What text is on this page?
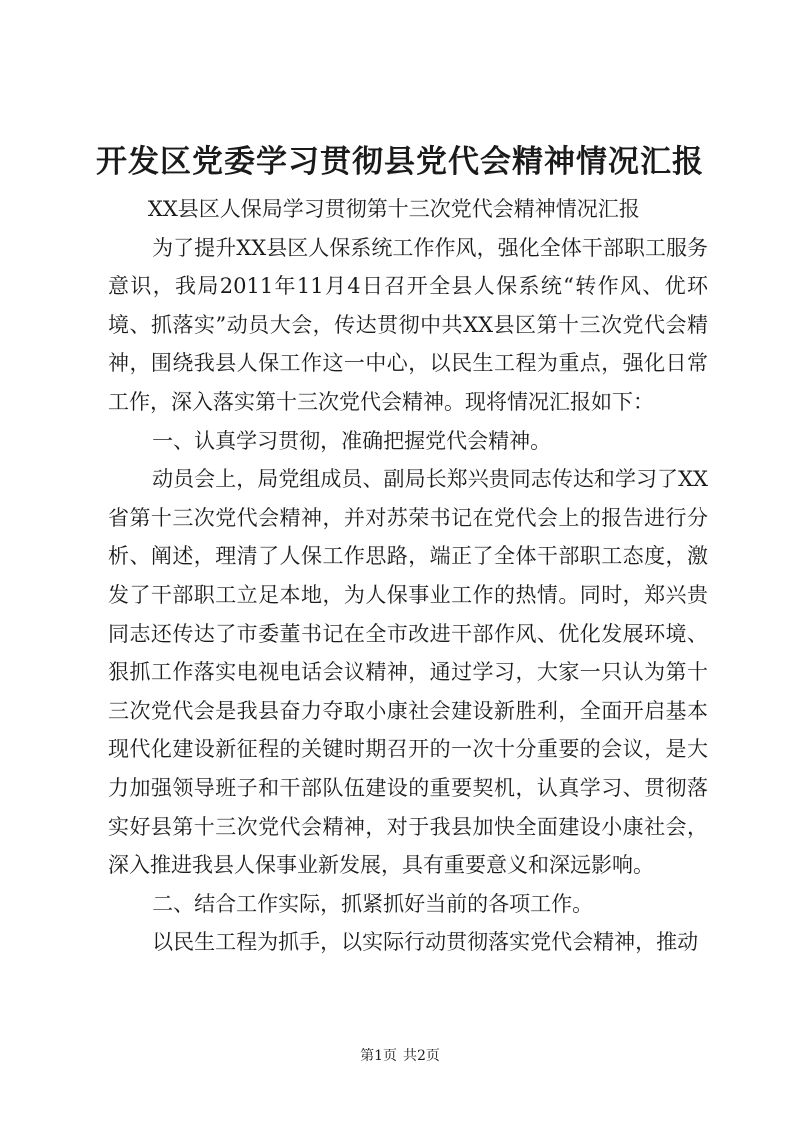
开发区党委学习贯彻县党代会精神情况汇报

XX县区人保局学习贯彻第十三次党代会精神情况汇报

为了提升XX县区人保系统工作作风，强化全体干部职工服务意识，我局2011年11月4日召开全县人保系统“转作风、优环境、抓落实”动员大会，传达贯彻中共XX县区第十三次党代会精神，围绕我县人保工作这一中心，以民生工程为重点，强化日常工作，深入落实第十三次党代会精神。现将情况汇报如下：

一、认真学习贯彻，准确把握党代会精神。

动员会上，局党组成员、副局长郑兴贵同志传达和学习了XX省第十三次党代会精神，并对苏荣书记在党代会上的报告进行分析、阐述，理清了人保工作思路，端正了全体干部职工态度，激发了干部职工立足本地，为人保事业工作的热情。同时，郑兴贵同志还传达了市委董书记在全市改进干部作风、优化发展环境、狠抓工作落实电视电话会议精神，通过学习，大家一只认为第十三次党代会是我县奋力夺取小康社会建设新胜利，全面开启基本现代化建设新征程的关键时期召开的一次十分重要的会议，是大力加强领导班子和干部队伍建设的重要契机，认真学习、贯彻落实好县第十三次党代会精神，对于我县加快全面建设小康社会，深入推进我县人保事业新发展，具有重要意义和深远影响。

二、结合工作实际，抓紧抓好当前的各项工作。

以民生工程为抓手，以实际行动贯彻落实党代会精神，推动

第1页 共2页
